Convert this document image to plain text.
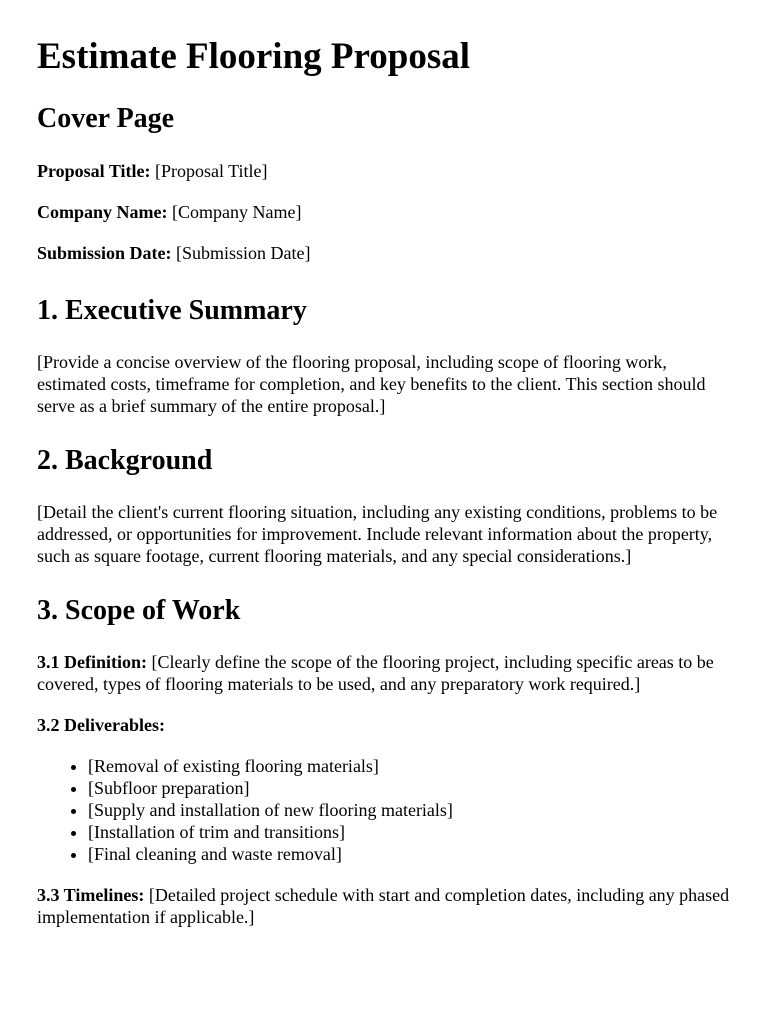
Estimate Flooring Proposal
Cover Page

Proposal Title: [Proposal Title]

Company Name: [Company Name]

Submission Date: [Submission Date]

1. Executive Summary

[Provide a concise overview of the flooring proposal, including scope of flooring work, estimated costs, timeframe for completion, and key benefits to the client. This section should serve as a brief summary of the entire proposal.]

2. Background

[Detail the client's current flooring situation, including any existing conditions, problems to be addressed, or opportunities for improvement. Include relevant information about the property, such as square footage, current flooring materials, and any special considerations.]

3. Scope of Work

3.1 Definition: [Clearly define the scope of the flooring project, including specific areas to be covered, types of flooring materials to be used, and any preparatory work required.]

3.2 Deliverables:

• [Removal of existing flooring materials]
• [Subfloor preparation]
• [Supply and installation of new flooring materials]
• [Installation of trim and transitions]
• [Final cleaning and waste removal]

3.3 Timelines: [Detailed project schedule with start and completion dates, including any phased implementation if applicable.]
